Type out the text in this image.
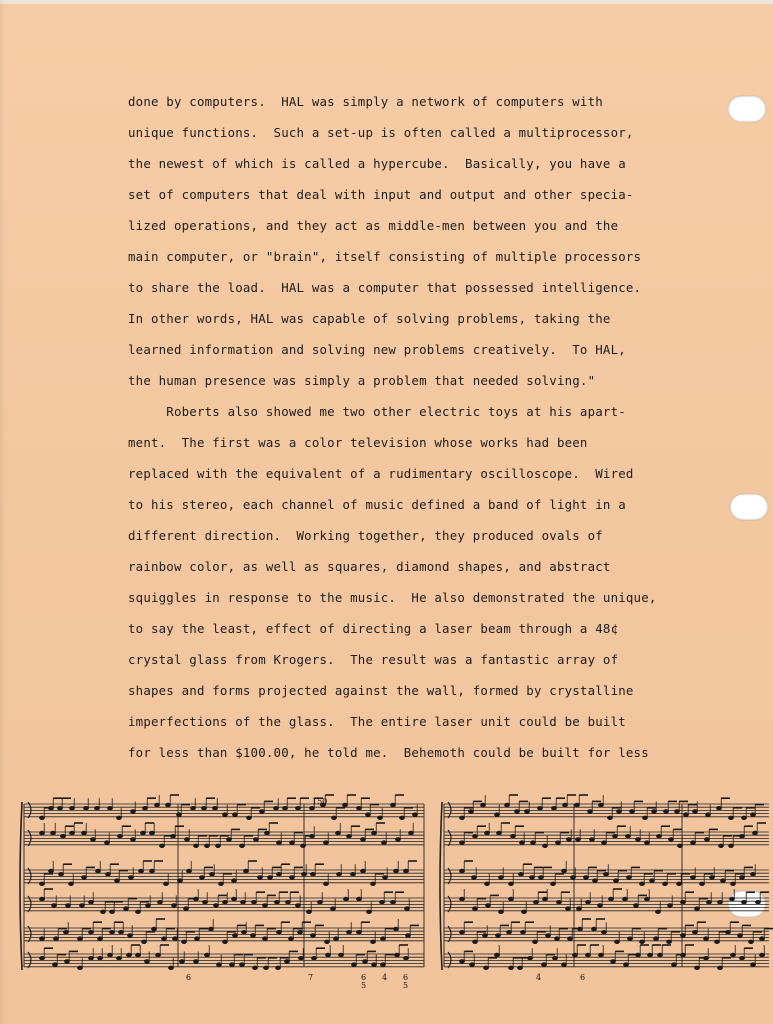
done by computers.  HAL was simply a network of computers with
unique functions.  Such a set-up is often called a multiprocessor,
the newest of which is called a hypercube.  Basically, you have a
set of computers that deal with input and output and other specia-
lized operations, and they act as middle-men between you and the
main computer, or "brain", itself consisting of multiple processors
to share the load.  HAL was a computer that possessed intelligence.
In other words, HAL was capable of solving problems, taking the
learned information and solving new problems creatively.  To HAL,
the human presence was simply a problem that needed solving."
Roberts also showed me two other electric toys at his apart-
ment.  The first was a color television whose works had been
replaced with the equivalent of a rudimentary oscilloscope.  Wired
to his stereo, each channel of music defined a band of light in a
different direction.  Working together, they produced ovals of
rainbow color, as well as squares, diamond shapes, and abstract
squiggles in response to the music.  He also demonstrated the unique,
to say the least, effect of directing a laser beam through a 48¢
crystal glass from Krogers.  The result was a fantastic array of
shapes and forms projected against the wall, formed by crystalline
imperfections of the glass.  The entire laser unit could be built
for less than $100.00, he told me.  Behemoth could be built for less
150
6	7	6
5
4 6
5
4	6
